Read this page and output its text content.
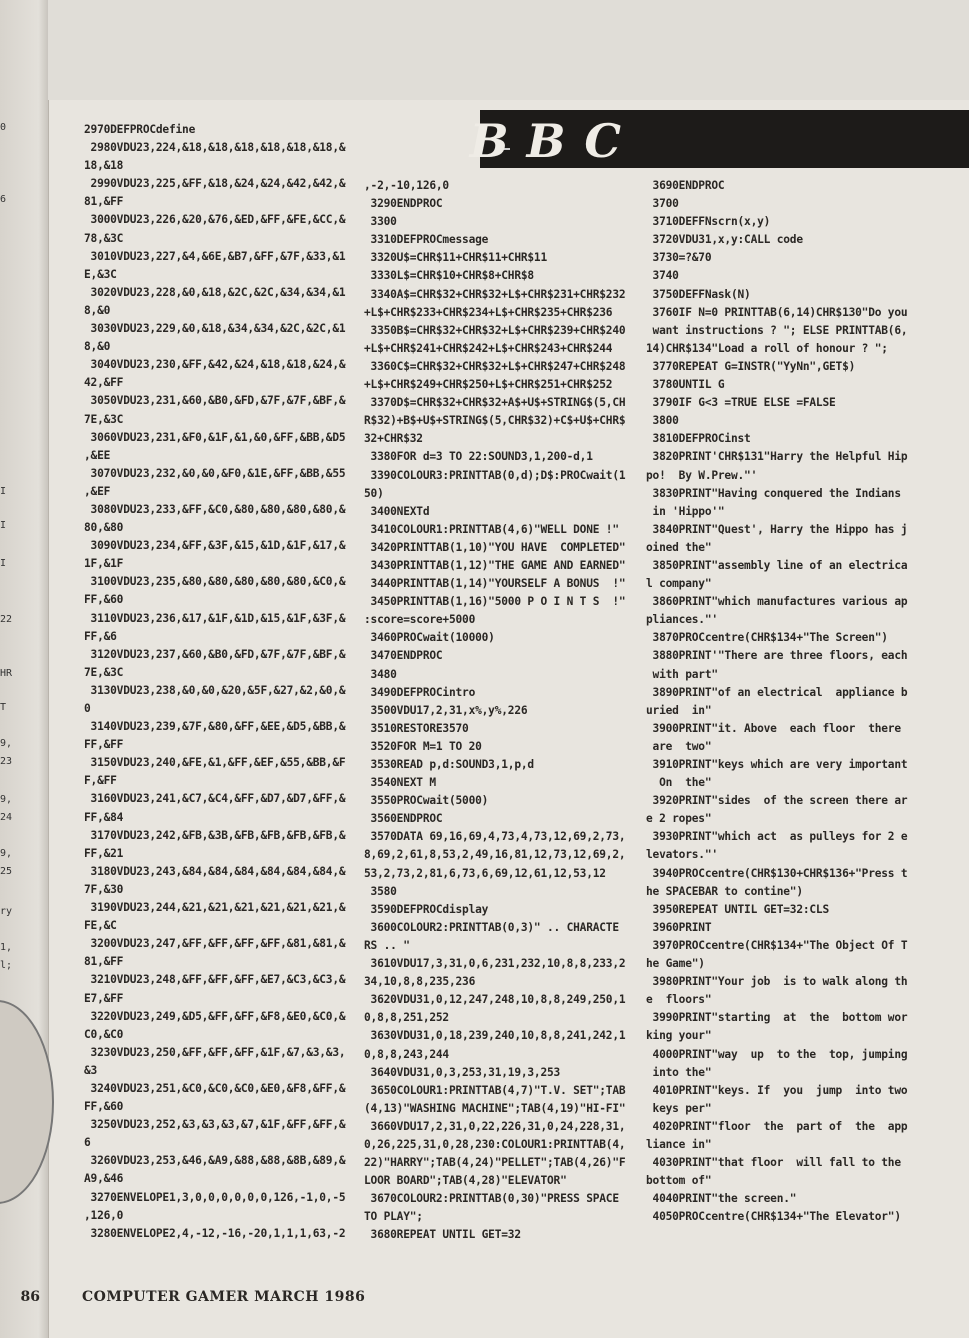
0
6
I
I
I
22
HR
T
9,
23
9,
24
9,
25
ry
1,
l;
BBC
2970DEFPROCdefine
2980VDU23,224,&18,&18,&18,&18,&18,&18,&
18,&18
2990VDU23,225,&FF,&18,&24,&24,&42,&42,&
81,&FF
3000VDU23,226,&20,&76,&ED,&FF,&FE,&CC,&
78,&3C
3010VDU23,227,&4,&6E,&B7,&FF,&7F,&33,&1
E,&3C
3020VDU23,228,&0,&18,&2C,&2C,&34,&34,&1
8,&0
3030VDU23,229,&0,&18,&34,&34,&2C,&2C,&1
8,&0
3040VDU23,230,&FF,&42,&24,&18,&18,&24,&
42,&FF
3050VDU23,231,&60,&B0,&FD,&7F,&7F,&BF,&
7E,&3C
3060VDU23,231,&F0,&1F,&1,&0,&FF,&BB,&D5
,&EE
3070VDU23,232,&0,&0,&F0,&1E,&FF,&BB,&55
,&EF
3080VDU23,233,&FF,&C0,&80,&80,&80,&80,&
80,&80
3090VDU23,234,&FF,&3F,&15,&1D,&1F,&17,&
1F,&1F
3100VDU23,235,&80,&80,&80,&80,&80,&C0,&
FF,&60
3110VDU23,236,&17,&1F,&1D,&15,&1F,&3F,&
FF,&6
3120VDU23,237,&60,&B0,&FD,&7F,&7F,&BF,&
7E,&3C
3130VDU23,238,&0,&0,&20,&5F,&27,&2,&0,&
0
3140VDU23,239,&7F,&80,&FF,&EE,&D5,&BB,&
FF,&FF
3150VDU23,240,&FE,&1,&FF,&EF,&55,&BB,&F
F,&FF
3160VDU23,241,&C7,&C4,&FF,&D7,&D7,&FF,&
FF,&84
3170VDU23,242,&FB,&3B,&FB,&FB,&FB,&FB,&
FF,&21
3180VDU23,243,&84,&84,&84,&84,&84,&84,&
7F,&30
3190VDU23,244,&21,&21,&21,&21,&21,&21,&
FE,&C
3200VDU23,247,&FF,&FF,&FF,&FF,&81,&81,&
81,&FF
3210VDU23,248,&FF,&FF,&FF,&E7,&C3,&C3,&
E7,&FF
3220VDU23,249,&D5,&FF,&FF,&F8,&E0,&C0,&
C0,&C0
3230VDU23,250,&FF,&FF,&FF,&1F,&7,&3,&3,
&3
3240VDU23,251,&C0,&C0,&C0,&E0,&F8,&FF,&
FF,&60
3250VDU23,252,&3,&3,&3,&7,&1F,&FF,&FF,&
6
3260VDU23,253,&46,&A9,&88,&88,&8B,&89,&
A9,&46
3270ENVELOPE1,3,0,0,0,0,0,0,126,-1,0,-5
,126,0
3280ENVELOPE2,4,-12,-16,-20,1,1,1,63,-2
,-2,-10,126,0
3290ENDPROC
3300
3310DEFPROCmessage
3320U$=CHR$11+CHR$11+CHR$11
3330L$=CHR$10+CHR$8+CHR$8
3340A$=CHR$32+CHR$32+L$+CHR$231+CHR$232
+L$+CHR$233+CHR$234+L$+CHR$235+CHR$236
3350B$=CHR$32+CHR$32+L$+CHR$239+CHR$240
+L$+CHR$241+CHR$242+L$+CHR$243+CHR$244
3360C$=CHR$32+CHR$32+L$+CHR$247+CHR$248
+L$+CHR$249+CHR$250+L$+CHR$251+CHR$252
3370D$=CHR$32+CHR$32+A$+U$+STRING$(5,CH
R$32)+B$+U$+STRING$(5,CHR$32)+C$+U$+CHR$
32+CHR$32
3380FOR d=3 TO 22:SOUND3,1,200-d,1
3390COLOUR3:PRINTTAB(0,d);D$:PROCwait(1
50)
3400NEXTd
3410COLOUR1:PRINTTAB(4,6)"WELL DONE !"
3420PRINTTAB(1,10)"YOU HAVE  COMPLETED"
3430PRINTTAB(1,12)"THE GAME AND EARNED"
3440PRINTTAB(1,14)"YOURSELF A BONUS  !"
3450PRINTTAB(1,16)"5000 P O I N T S  !"
:score=score+5000
3460PROCwait(10000)
3470ENDPROC
3480
3490DEFPROCintro
3500VDU17,2,31,x%,y%,226
3510RESTORE3570
3520FOR M=1 TO 20
3530READ p,d:SOUND3,1,p,d
3540NEXT M
3550PROCwait(5000)
3560ENDPROC
3570DATA 69,16,69,4,73,4,73,12,69,2,73,
8,69,2,61,8,53,2,49,16,81,12,73,12,69,2,
53,2,73,2,81,6,73,6,69,12,61,12,53,12
3580
3590DEFPROCdisplay
3600COLOUR2:PRINTTAB(0,3)" .. CHARACTE
RS .. "
3610VDU17,3,31,0,6,231,232,10,8,8,233,2
34,10,8,8,235,236
3620VDU31,0,12,247,248,10,8,8,249,250,1
0,8,8,251,252
3630VDU31,0,18,239,240,10,8,8,241,242,1
0,8,8,243,244
3640VDU31,0,3,253,31,19,3,253
3650COLOUR1:PRINTTAB(4,7)"T.V. SET";TAB
(4,13)"WASHING MACHINE";TAB(4,19)"HI-FI"
3660VDU17,2,31,0,22,226,31,0,24,228,31,
0,26,225,31,0,28,230:COLOUR1:PRINTTAB(4,
22)"HARRY";TAB(4,24)"PELLET";TAB(4,26)"F
LOOR BOARD";TAB(4,28)"ELEVATOR"
3670COLOUR2:PRINTTAB(0,30)"PRESS SPACE
TO PLAY";
3680REPEAT UNTIL GET=32
3690ENDPROC
3700
3710DEFFNscrn(x,y)
3720VDU31,x,y:CALL code
3730=?&70
3740
3750DEFFNask(N)
3760IF N=0 PRINTTAB(6,14)CHR$130"Do you
want instructions ? "; ELSE PRINTTAB(6,
14)CHR$134"Load a roll of honour ? ";
3770REPEAT G=INSTR("YyNn",GET$)
3780UNTIL G
3790IF G<3 =TRUE ELSE =FALSE
3800
3810DEFPROCinst
3820PRINT'CHR$131"Harry the Helpful Hip
po!  By W.Prew."'
3830PRINT"Having conquered the Indians
in 'Hippo'"
3840PRINT"Quest', Harry the Hippo has j
oined the"
3850PRINT"assembly line of an electrica
l company"
3860PRINT"which manufactures various ap
pliances."'
3870PROCcentre(CHR$134+"The Screen")
3880PRINT'"There are three floors, each
with part"
3890PRINT"of an electrical  appliance b
uried  in"
3900PRINT"it. Above  each floor  there
are  two"
3910PRINT"keys which are very important
On  the"
3920PRINT"sides  of the screen there ar
e 2 ropes"
3930PRINT"which act  as pulleys for 2 e
levators."'
3940PROCcentre(CHR$130+CHR$136+"Press t
he SPACEBAR to contine")
3950REPEAT UNTIL GET=32:CLS
3960PRINT
3970PROCcentre(CHR$134+"The Object Of T
he Game")
3980PRINT"Your job  is to walk along th
e  floors"
3990PRINT"starting  at  the  bottom wor
king your"
4000PRINT"way  up  to the  top, jumping
into the"
4010PRINT"keys. If  you  jump  into two
keys per"
4020PRINT"floor  the  part of  the  app
liance in"
4030PRINT"that floor  will fall to the
bottom of"
4040PRINT"the screen."
4050PROCcentre(CHR$134+"The Elevator")
86	COMPUTER GAMER MARCH 1986
